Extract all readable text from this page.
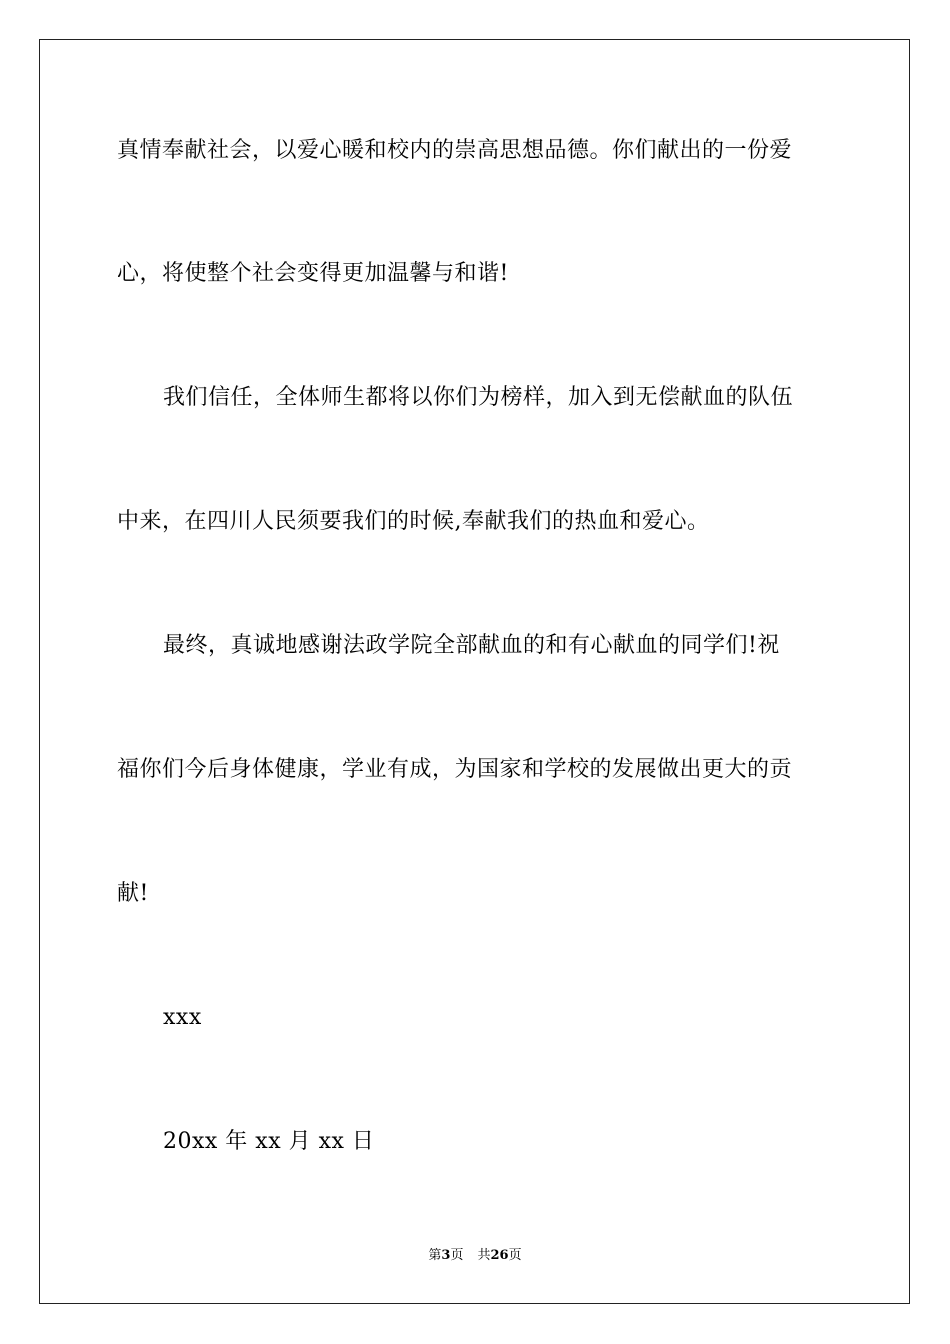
真情奉献社会，以爱心暖和校内的崇高思想品德。你们献出的一份爱
心，将使整个社会变得更加温馨与和谐!
我们信任，全体师生都将以你们为榜样，加入到无偿献血的队伍
中来，在四川人民须要我们的时候,奉献我们的热血和爱心。
最终，真诚地感谢法政学院全部献血的和有心献血的同学们!祝
福你们今后身体健康，学业有成，为国家和学校的发展做出更大的贡
献!
xxx
20xx 年 xx 月 xx 日
第3页 共26页
